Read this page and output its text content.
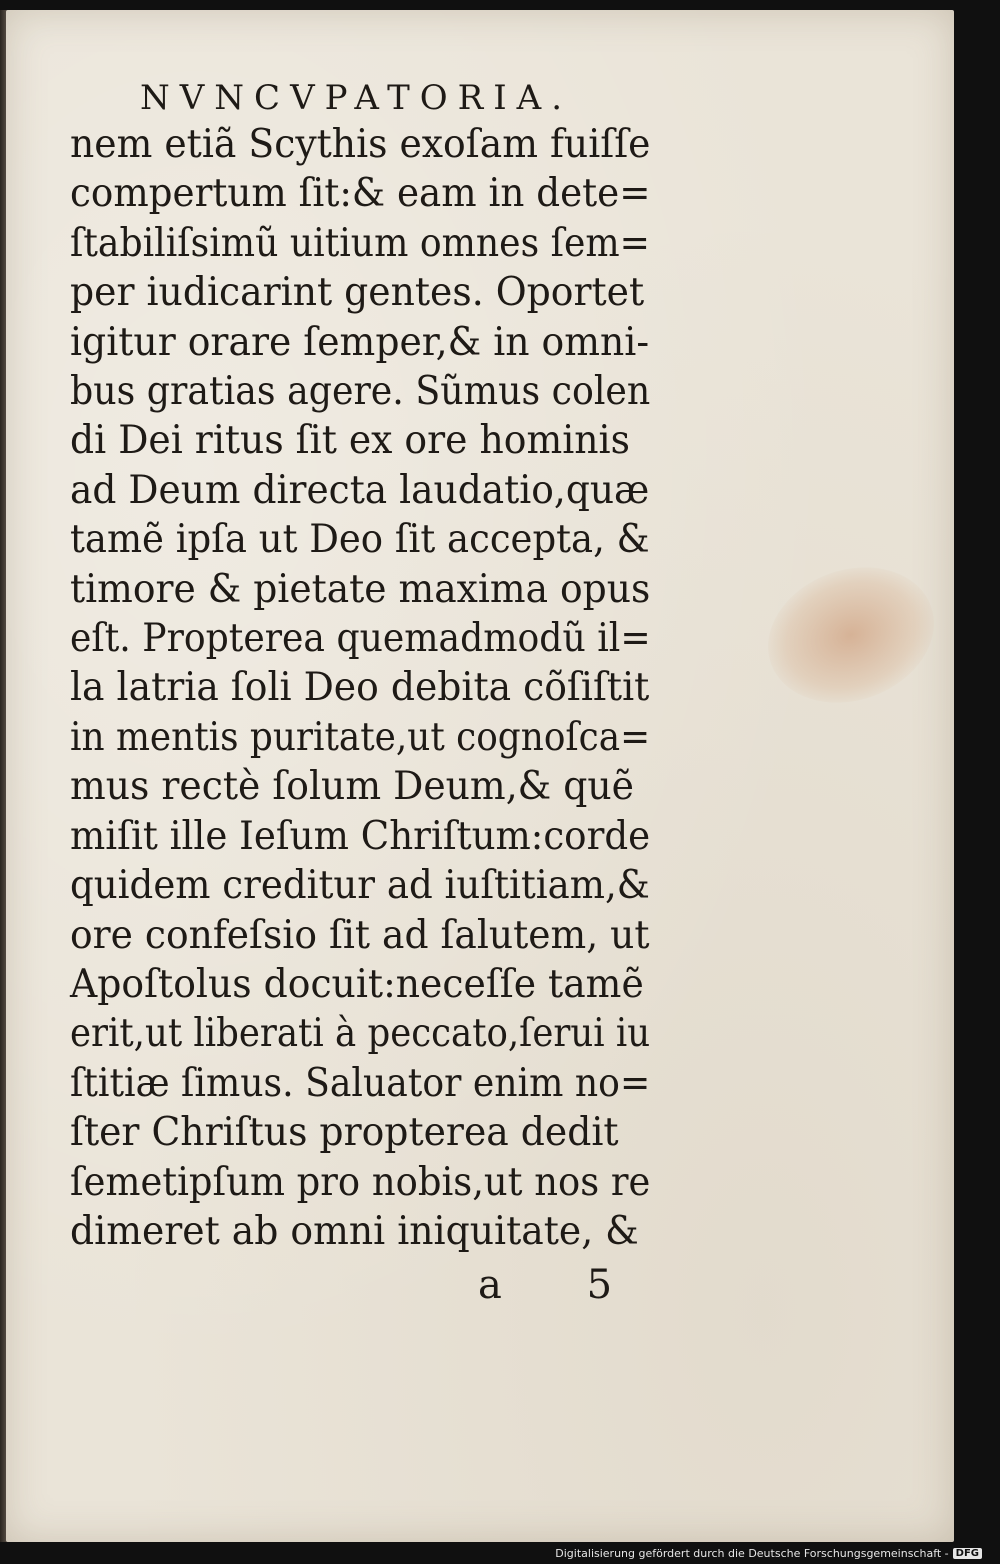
NVNCVPATORIA.
nem etiã Scythis exoſam fuiſſe
compertum ſit:& eam in dete=
ſtabiliſsimũ uitium omnes ſem=
per iudicarint gentes. Oportet
igitur orare ſemper,& in omni-
bus gratias agere. Sũmus colen
di Dei ritus ſit ex ore hominis
ad Deum directa laudatio,quæ
tamẽ ipſa ut Deo ſit accepta, &
timore & pietate maxima opus
eſt. Propterea quemadmodũ il=
la latria ſoli Deo debita cõſiſtit
in mentis puritate,ut cognoſca=
mus rectè ſolum Deum,& quẽ
miſit ille Ieſum Chriſtum:corde
quidem creditur ad iuſtitiam,&
ore confeſsio ſit ad ſalutem, ut
Apoſtolus docuit:neceſſe tamẽ
erit,ut liberati à peccato,ſerui iu
ſtitiæ ſimus. Saluator enim no=
ſter Chriſtus propterea dedit
ſemetipſum pro nobis,ut nos re
dimeret ab omni iniquitate, &
a 5
Digitalisierung gefördert durch die Deutsche Forschungsgemeinschaft - DFG
